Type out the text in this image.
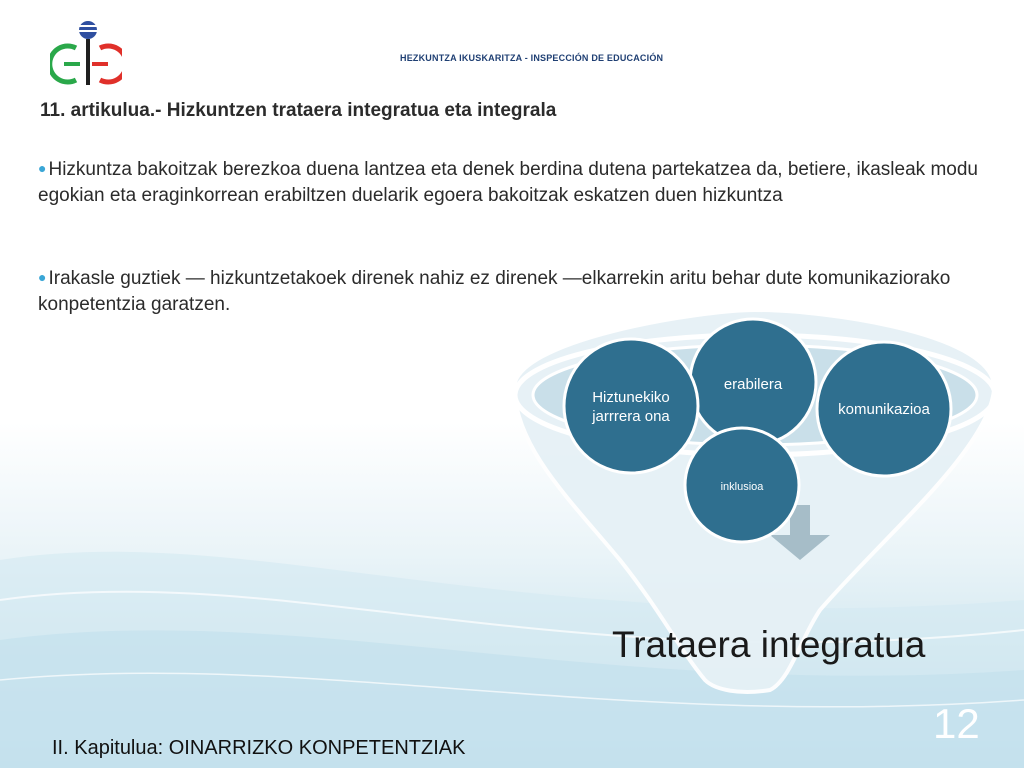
HEZKUNTZA IKUSKARITZA - INSPECCIÓN DE EDUCACIÓN
11. artikulua.- Hizkuntzen trataera integratua eta integrala
● Hizkuntza bakoitzak berezkoa duena lantzea eta denek berdina dutena partekatzea da, betiere, ikasleak modu egokian eta eraginkorrean erabiltzen duelarik egoera bakoitzak eskatzen duen hizkuntza
● Irakasle guztiek — hizkuntzetakoek direnek nahiz ez direnek —elkarrekin aritu behar dute komunikaziorako konpetentzia garatzen.
Hiztunekiko
jarrrera ona
erabilera
komunikazioa
inklusioa
Trataera integratua
12
II. Kapitulua: OINARRIZKO KONPETENTZIAK
